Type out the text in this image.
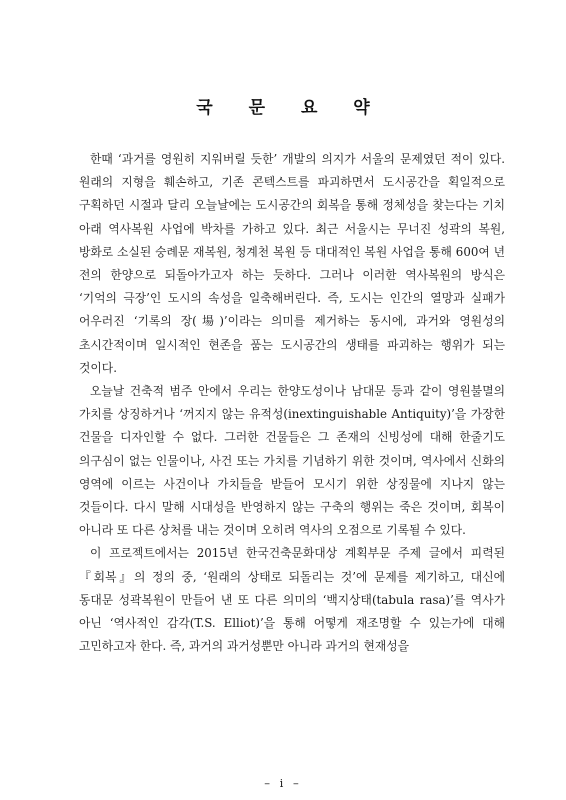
국 문 요 약

한때 ‘과거를 영원히 지워버릴 듯한’ 개발의 의지가 서울의 문제였던 적이 있다. 원래의 지형을 훼손하고, 기존 콘텍스트를 파괴하면서 도시공간을 획일적으로 구획하던 시절과 달리 오늘날에는 도시공간의 회복을 통해 정체성을 찾는다는 기치 아래 역사복원 사업에 박차를 가하고 있다. 최근 서울시는 무너진 성곽의 복원, 방화로 소실된 숭례문 재복원, 청계천 복원 등 대대적인 복원 사업을 통해 600여 년 전의 한양으로 되돌아가고자 하는 듯하다. 그러나 이러한 역사복원의 방식은 ‘기억의 극장’인 도시의 속성을 일축해버린다. 즉, 도시는 인간의 열망과 실패가 어우러진 ‘기록의 장(場)’이라는 의미를 제거하는 동시에, 과거와 영원성의 초시간적이며 일시적인 현존을 품는 도시공간의 생태를 파괴하는 행위가 되는 것이다.

오늘날 건축적 범주 안에서 우리는 한양도성이나 남대문 등과 같이 영원불멸의 가치를 상징하거나 ‘꺼지지 않는 유적성(inextinguishable Antiquity)’을 가장한 건물을 디자인할 수 없다. 그러한 건물들은 그 존재의 신빙성에 대해 한줄기도 의구심이 없는 인물이나, 사건 또는 가치를 기념하기 위한 것이며, 역사에서 신화의 영역에 이르는 사건이나 가치들을 받들어 모시기 위한 상징물에 지나지 않는 것들이다. 다시 말해 시대성을 반영하지 않는 구축의 행위는 죽은 것이며, 회복이 아니라 또 다른 상처를 내는 것이며 오히려 역사의 오점으로 기록될 수 있다.

이 프로젝트에서는 2015년 한국건축문화대상 계획부문 주제 글에서 피력된 『회복』의 정의 중, ‘원래의 상태로 되돌리는 것’에 문제를 제기하고, 대신에 동대문 성곽복원이 만들어 낸 또 다른 의미의 ‘백지상태(tabula rasa)’를 역사가 아닌 ‘역사적인 감각(T.S. Elliot)’을 통해 어떻게 재조명할 수 있는가에 대해 고민하고자 한다. 즉, 과거의 과거성뿐만 아니라 과거의 현재성을

– i –
